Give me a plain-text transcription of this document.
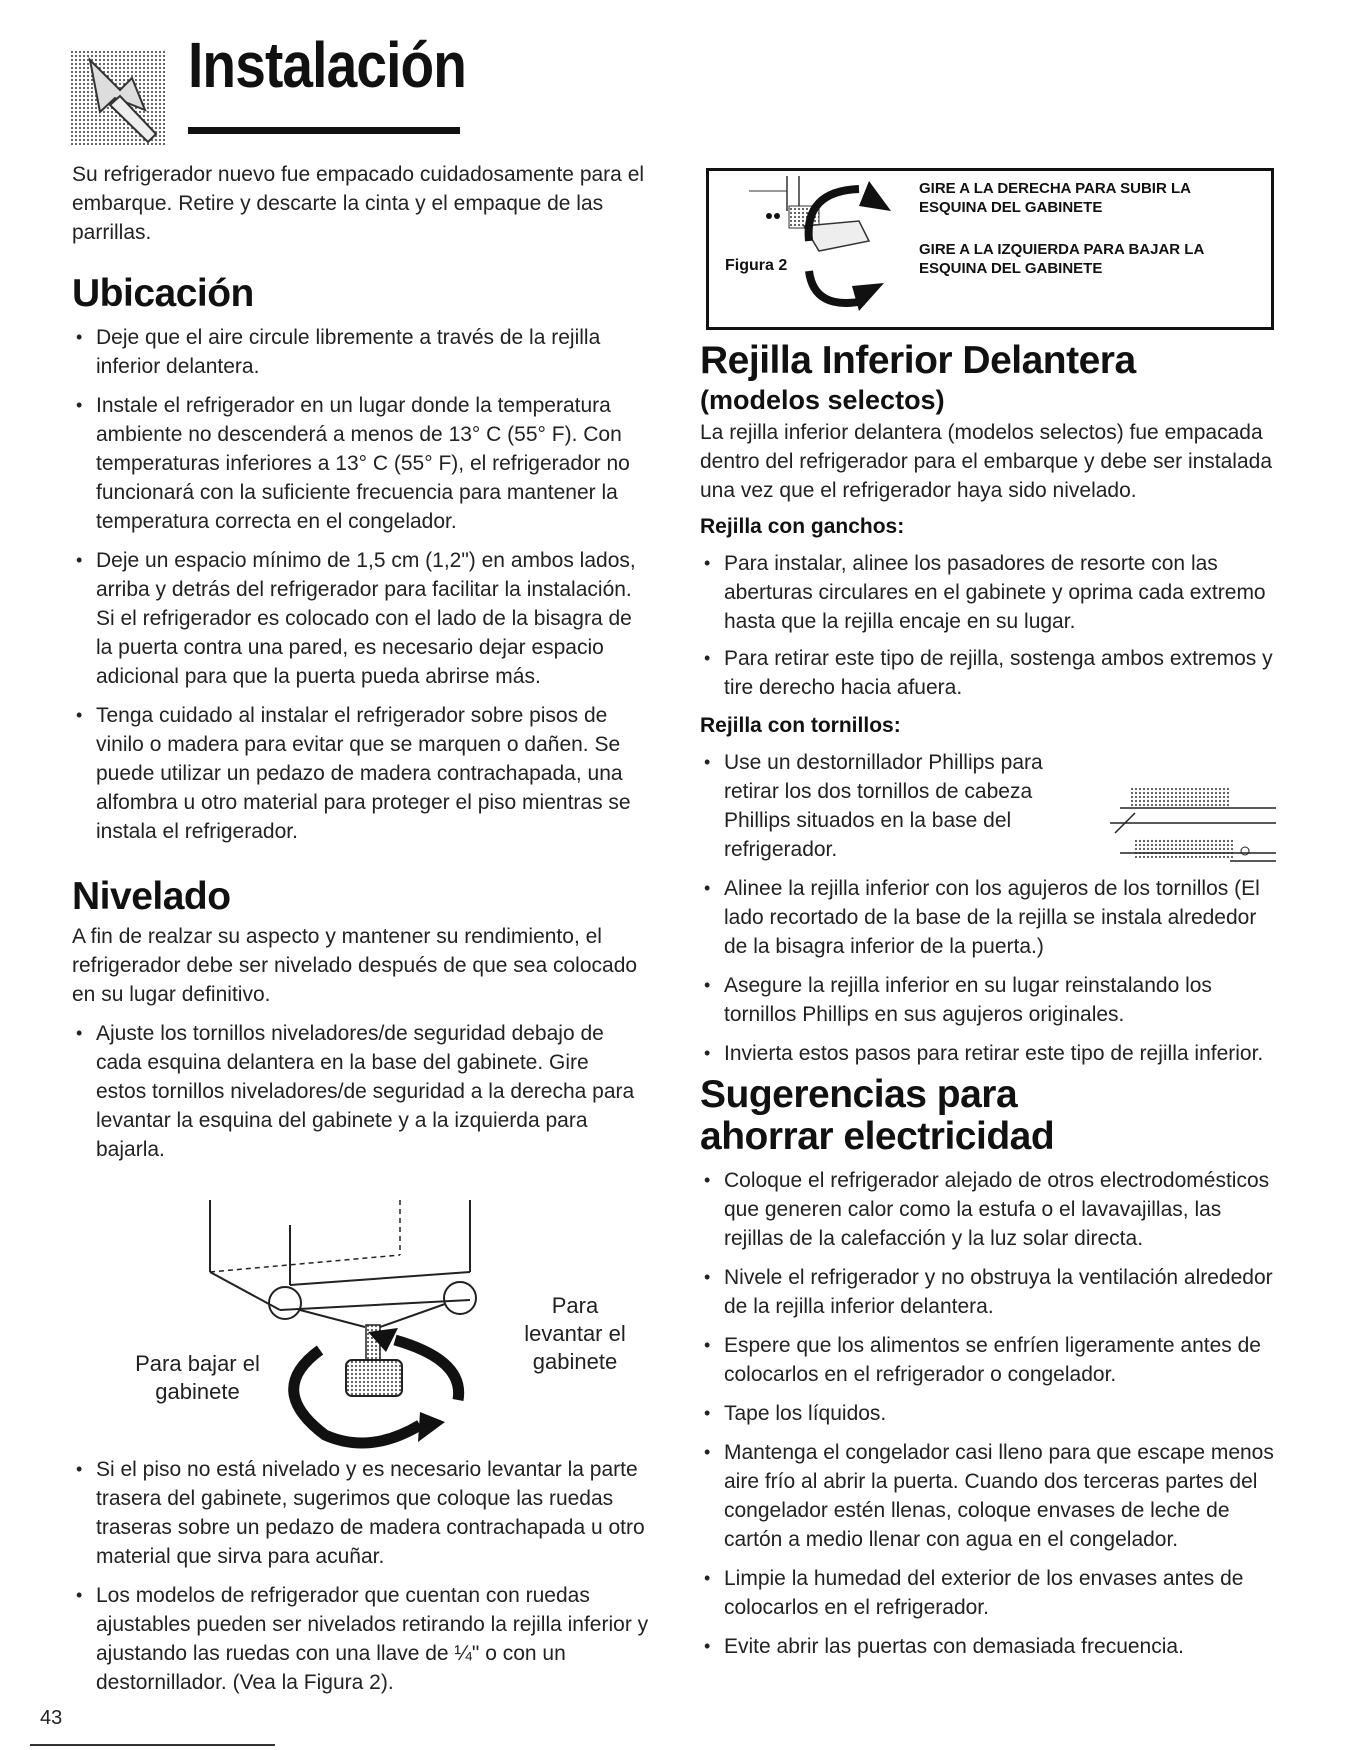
Instalación

Su refrigerador nuevo fue empacado cuidadosamente para el embarque. Retire y descarte la cinta y el empaque de las parrillas.

Ubicación
• Deje que el aire circule libremente a través de la rejilla inferior delantera.
• Instale el refrigerador en un lugar donde la temperatura ambiente no descenderá a menos de 13° C (55° F). Con temperaturas inferiores a 13° C (55° F), el refrigerador no funcionará con la suficiente frecuencia para mantener la temperatura correcta en el congelador.
• Deje un espacio mínimo de 1,5 cm (1,2") en ambos lados, arriba y detrás del refrigerador para facilitar la instalación. Si el refrigerador es colocado con el lado de la bisagra de la puerta contra una pared, es necesario dejar espacio adicional para que la puerta pueda abrirse más.
• Tenga cuidado al instalar el refrigerador sobre pisos de vinilo o madera para evitar que se marquen o dañen. Se puede utilizar un pedazo de madera contrachapada, una alfombra u otro material para proteger el piso mientras se instala el refrigerador.
Nivelado

A fin de realzar su aspecto y mantener su rendimiento, el refrigerador debe ser nivelado después de que sea colocado en su lugar definitivo.

• Ajuste los tornillos niveladores/de seguridad debajo de cada esquina delantera en la base del gabinete. Gire estos tornillos niveladores/de seguridad a la derecha para levantar la esquina del gabinete y a la izquierda para bajarla.
Para bajar el gabinete
Para levantar el gabinete
• Si el piso no está nivelado y es necesario levantar la parte trasera del gabinete, sugerimos que coloque las ruedas traseras sobre un pedazo de madera contrachapada u otro material que sirva para acuñar.
• Los modelos de refrigerador que cuentan con ruedas ajustables pueden ser nivelados retirando la rejilla inferior y ajustando las ruedas con una llave de ¼" o con un destornillador. (Vea la Figura 2).
Figura 2
GIRE A LA DERECHA PARA SUBIR LA ESQUINA DEL GABINETE
GIRE A LA IZQUIERDA PARA BAJAR LA ESQUINA DEL GABINETE
Rejilla Inferior Delantera
(modelos selectos)

La rejilla inferior delantera (modelos selectos) fue empacada dentro del refrigerador para el embarque y debe ser instalada una vez que el refrigerador haya sido nivelado.

Rejilla con ganchos:
• Para instalar, alinee los pasadores de resorte con las aberturas circulares en el gabinete y oprima cada extremo hasta que la rejilla encaje en su lugar.
• Para retirar este tipo de rejilla, sostenga ambos extremos y tire derecho hacia afuera.
Rejilla con tornillos:
• Use un destornillador Phillips para retirar los dos tornillos de cabeza Phillips situados en la base del refrigerador.
• Alinee la rejilla inferior con los agujeros de los tornillos (El lado recortado de la base de la rejilla se instala alrededor de la bisagra inferior de la puerta.)
• Asegure la rejilla inferior en su lugar reinstalando los tornillos Phillips en sus agujeros originales.
• Invierta estos pasos para retirar este tipo de rejilla inferior.
Sugerencias para ahorrar electricidad
• Coloque el refrigerador alejado de otros electrodomésticos que generen calor como la estufa o el lavavajillas, las rejillas de la calefacción y la luz solar directa.
• Nivele el refrigerador y no obstruya la ventilación alrededor de la rejilla inferior delantera.
• Espere que los alimentos se enfríen ligeramente antes de colocarlos en el refrigerador o congelador.
• Tape los líquidos.
• Mantenga el congelador casi lleno para que escape menos aire frío al abrir la puerta. Cuando dos terceras partes del congelador estén llenas, coloque envases de leche de cartón a medio llenar con agua en el congelador.
• Limpie la humedad del exterior de los envases antes de colocarlos en el refrigerador.
• Evite abrir las puertas con demasiada frecuencia.
43
